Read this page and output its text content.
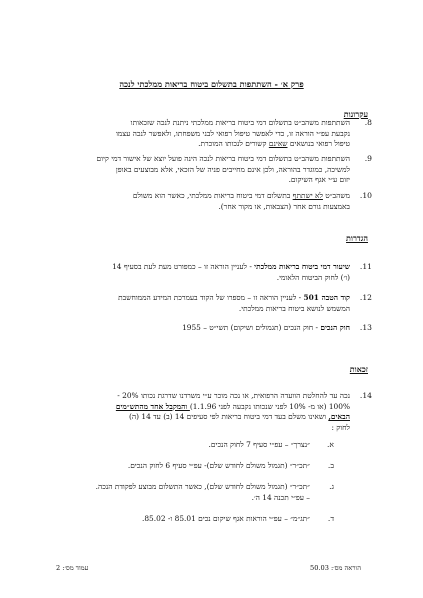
פרק א׳ - השתתפות בתשלום ביטוח בריאות ממלכתי לנכה
עקרונות
8.
השתתפות משהב״ט בתשלום דמי ביטוח בריאות ממלכתי ניתנת לנכה שזכאותו
נקבעת עפ״י הוראה זו, כדי לאפשר טיפול רפואי לבני משפחתו, ולאפשר לנכה עצמו
טיפול רפואי בנושאים שאינם קשורים לנכותו המוכרת.
9.
השתתפות משהב״ט בתשלום דמי ביטוח בריאות לנכה הינה פועל יוצא של אישור דמי קיום
למשיכה, כמוגדר בהוראה, ולכן אינם מחייבים פניה של הזכאי, אלא מבוצעים באופן
יזום ע״י אגף השיקום.
10.
משהב״ט לא ישתתף בתשלום דמי ביטוח בריאות ממלכתי, כאשר הוא משולם
באמצעות גורם אחר (הצבאות, או מקור אחר).
הגדרות
11.
שיעור דמי ביטוח בריאות ממלכתי - לעניין הוראה זו – כמפורט מעת לעת בסעיף 14
(ו׳) לחוק הביטוח הלאומי.
12.
קוד הטבה 501 - לעניין הוראה זו – מספרו של הקוד בעמרכת המידע הממוחשבת
המשמש לנושא ביטוח בריאות ממלכתי.
13.
חוק הנכים - חוק הנכים (תגמולים ושיקום) תשי״ט – 1955
זכאות
14.
נכה עד להחלטת הוועדה הרפואית, או נכה מוכר ע״י משרדנו שדרגת נכותו 20% -
100% (או מ- 10% לפני שנכותו נקבעה לפני 1.1.96) והמקבל אחד מהתש״מים
הבאים, ושאינו משלם בעד דמי ביטוח בריאות לפי סעיפים 14 (ב) עד 14 (ה)
לחוק :
א.
״נצרך״ – עפ״י סעיף 7 לחוק הנכים.
ב.
״תכ״ר״ (תגמול משולם לחודש שלם)- עפ״י סעיף 6 לחוק הנכים.
ג.
״תכ״ר״ (תגמול משולם לחודש שלם), כאשר התשלום מבוצע לפקודת הנכה.
– עפ״י תכנה 14 ה׳.
ד.
״תג״מ״ – עפ״י הוראות אגף שיקום נכים 85.01 ו- 85.02.
הוראה מס׳: 50.03
עמוד מס׳: 2
